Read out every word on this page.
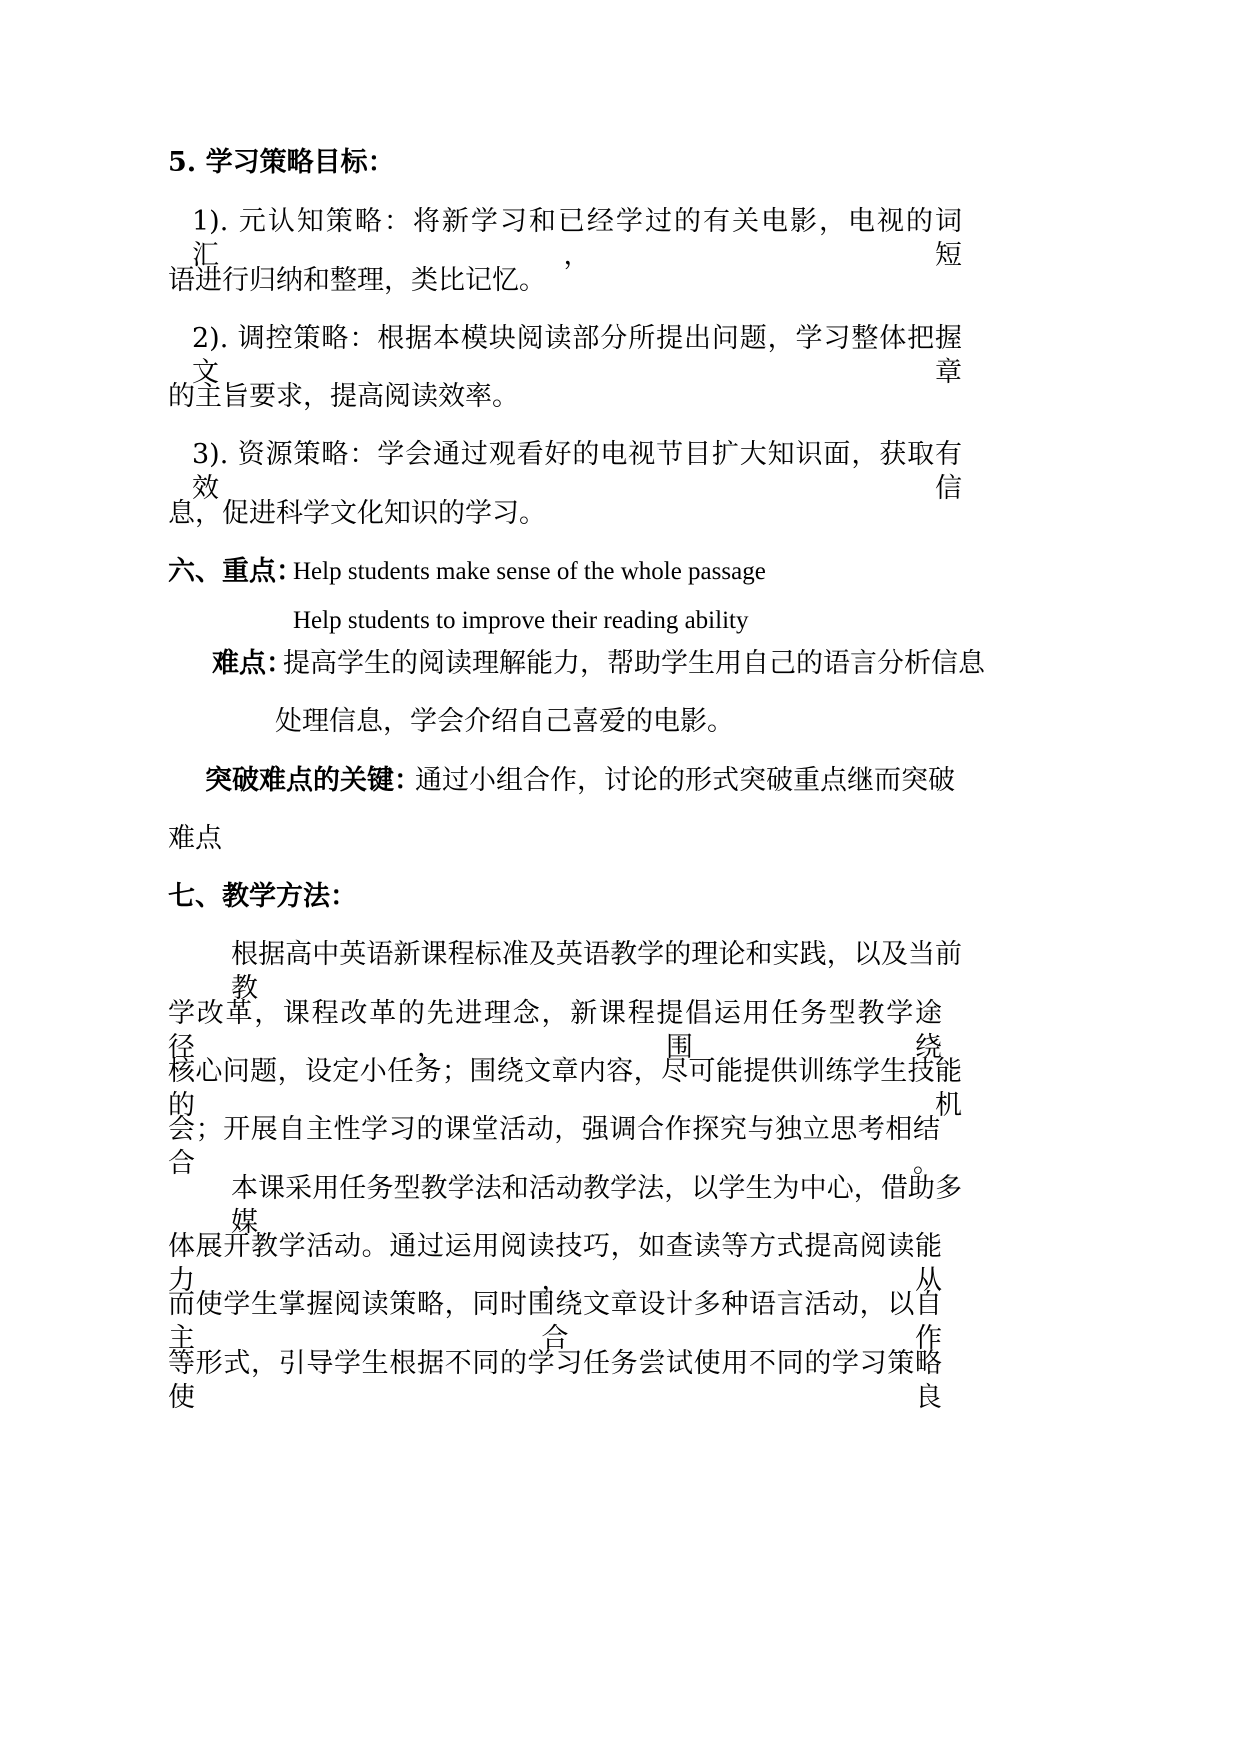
5. 学习策略目标：
1). 元认知策略：将新学习和已经学过的有关电影，电视的词汇，短
语进行归纳和整理，类比记忆。
2). 调控策略：根据本模块阅读部分所提出问题，学习整体把握文章
的主旨要求，提高阅读效率。
3). 资源策略：学会通过观看好的电视节目扩大知识面，获取有效信
息，促进科学文化知识的学习。
六、重点：
Help students make sense of the whole passage
Help students to improve their reading ability
难点：
提高学生的阅读理解能力，帮助学生用自己的语言分析信息
处理信息，学会介绍自己喜爱的电影。
突破难点的关键：
通过小组合作，讨论的形式突破重点继而突破
难点
七、教学方法：
根据高中英语新课程标准及英语教学的理论和实践，以及当前教
学改革，课程改革的先进理念，新课程提倡运用任务型教学途径，围绕
核心问题，设定小任务；围绕文章内容，尽可能提供训练学生技能的机
会；开展自主性学习的课堂活动，强调合作探究与独立思考相结合。
本课采用任务型教学法和活动教学法，以学生为中心，借助多媒
体展开教学活动。通过运用阅读技巧，如查读等方式提高阅读能力，从
而使学生掌握阅读策略，同时围绕文章设计多种语言活动，以自主合作
等形式，引导学生根据不同的学习任务尝试使用不同的学习策略使良
